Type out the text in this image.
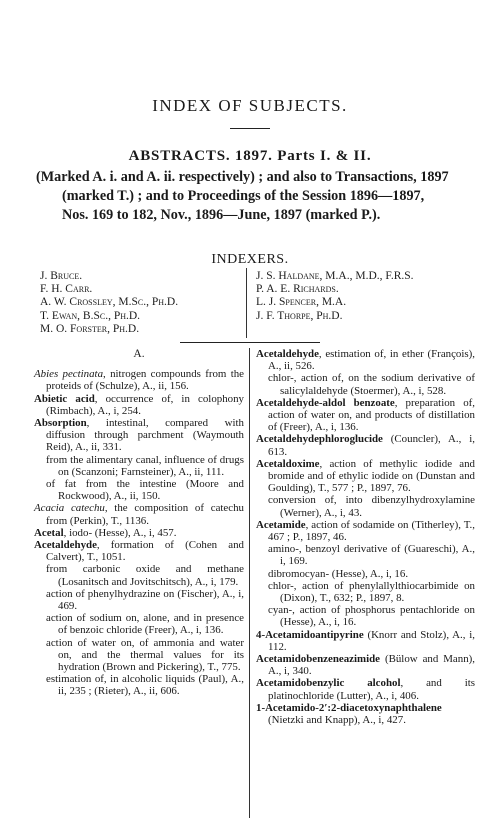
INDEX OF SUBJECTS.
ABSTRACTS. 1897. Parts I. & II.
(Marked A. i. and A. ii. respectively) ; and also to Transactions, 1897
(marked T.) ; and to Proceedings of the Session 1896—1897,
Nos. 169 to 182, Nov., 1896—June, 1897 (marked P.).
INDEXERS.
J. Bruce.
F. H. Carr.
A. W. Crossley, M.Sc., Ph.D.
T. Ewan, B.Sc., Ph.D.
M. O. Forster, Ph.D.
J. S. Haldane, M.A., M.D., F.R.S.
P. A. E. Richards.
L. J. Spencer, M.A.
J. F. Thorpe, Ph.D.
A.

Abies pectinata, nitrogen compounds from the proteids of (Schulze), A., ii, 156.

Abietic acid, occurrence of, in colophony (Rimbach), A., i, 254.

Absorption, intestinal, compared with diffusion through parchment (Waymouth Reid), A., ii, 331.

from the alimentary canal, influence of drugs on (Scanzoni; Farnsteiner), A., ii, 111.

of fat from the intestine (Moore and Rockwood), A., ii, 150.

Acacia catechu, the composition of catechu from (Perkin), T., 1136.

Acetal, iodo- (Hesse), A., i, 457.

Acetaldehyde, formation of (Cohen and Calvert), T., 1051.

from carbonic oxide and methane (Losanitsch and Jovitschitsch), A., i, 179.

action of phenylhydrazine on (Fischer), A., i, 469.

action of sodium on, alone, and in presence of benzoic chloride (Freer), A., i, 136.

action of water on, of ammonia and water on, and the thermal values for its hydration (Brown and Pickering), T., 775.

estimation of, in alcoholic liquids (Paul), A., ii, 235 ; (Rieter), A., ii, 606.

Acetaldehyde, estimation of, in ether (François), A., ii, 526.

chlor-, action of, on the sodium derivative of salicylaldehyde (Stoermer), A., i, 528.

Acetaldehyde-aldol benzoate, preparation of, action of water on, and products of distillation of (Freer), A., i, 136.

Acetaldehydephloroglucide (Councler), A., i, 613.

Acetaldoxime, action of methylic iodide and bromide and of ethylic iodide on (Dunstan and Goulding), T., 577 ; P., 1897, 76.

conversion of, into dibenzylhydroxylamine (Werner), A., i, 43.

Acetamide, action of sodamide on (Titherley), T., 467 ; P., 1897, 46.

amino-, benzoyl derivative of (Guareschi), A., i, 169.

dibromocyan- (Hesse), A., i, 16.

chlor-, action of phenylallylthiocarbimide on (Dixon), T., 632; P., 1897, 8.

cyan-, action of phosphorus pentachloride on (Hesse), A., i, 16.

4-Acetamidoantipyrine (Knorr and Stolz), A., i, 112.

Acetamidobenzeneazimide (Bülow and Mann), A., i, 340.

Acetamidobenzylic alcohol, and its platinochloride (Lutter), A., i, 406.

1-Acetamido-2′:2-diacetoxynaphthalene (Nietzki and Knapp), A., i, 427.
